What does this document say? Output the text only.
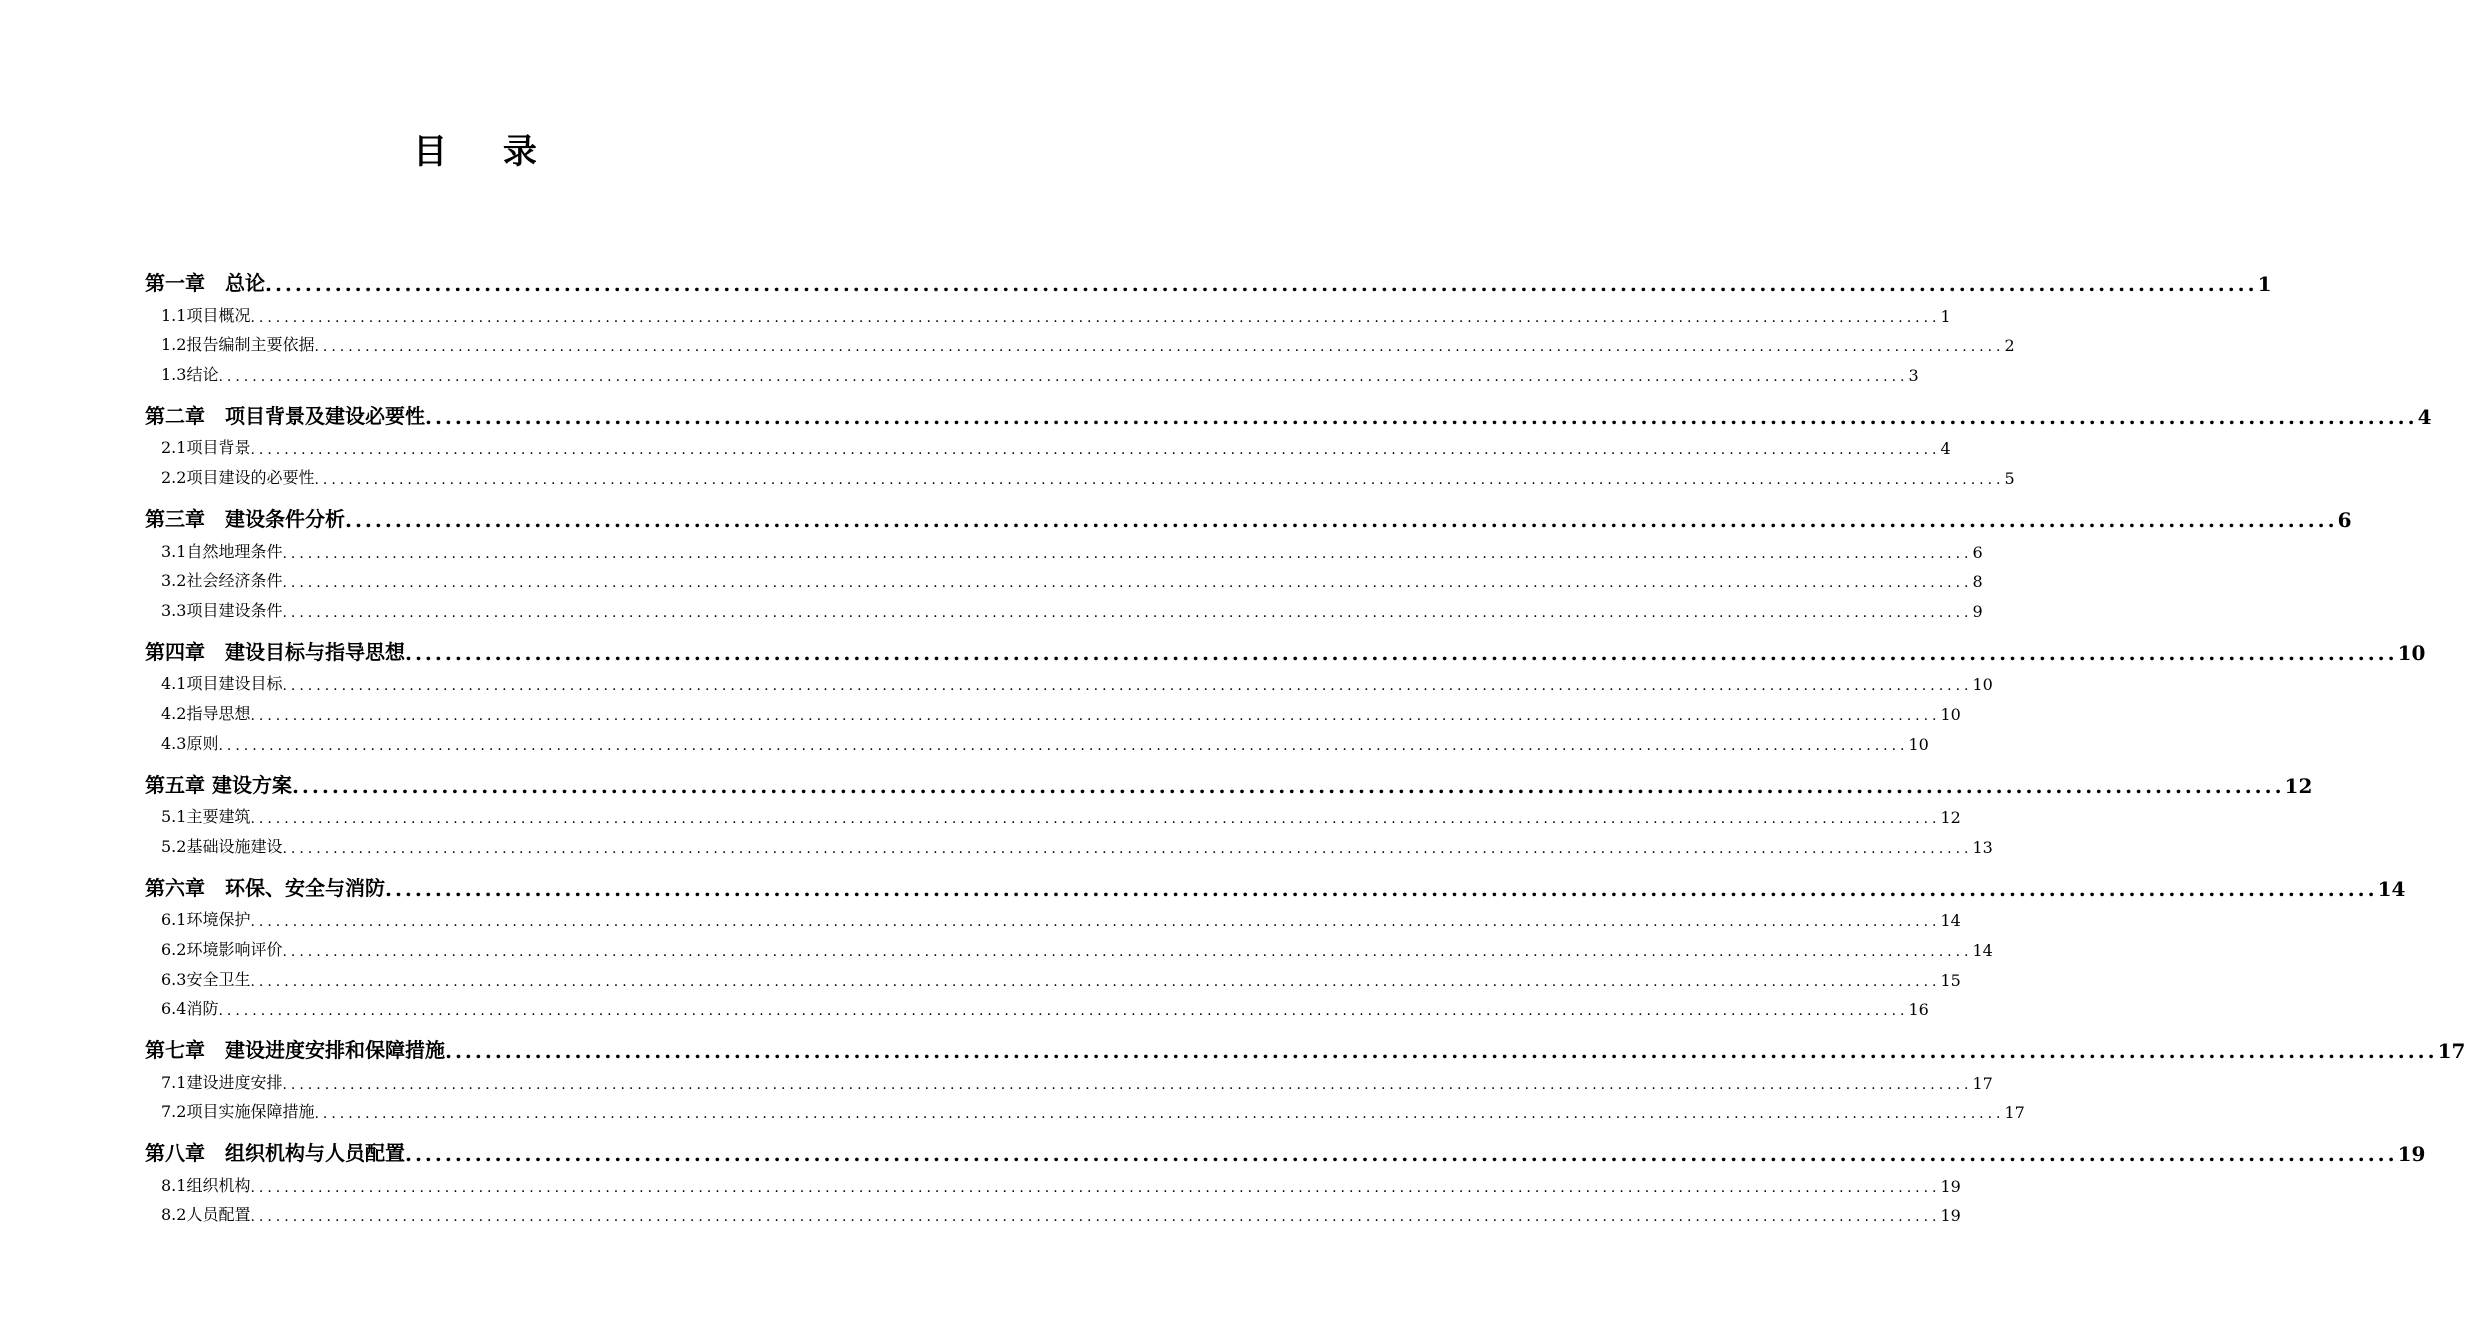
目 录
第一章　总论 ........................................................................................................................................................................................................ 1
1.1项目概况 ........................................................................................................................................................................................................ 1
1.2报告编制主要依据 ........................................................................................................................................................................................................ 2
1.3结论 ........................................................................................................................................................................................................ 3
第二章　项目背景及建设必要性 ........................................................................................................................................................................................................ 4
2.1项目背景 ........................................................................................................................................................................................................ 4
2.2项目建设的必要性 ........................................................................................................................................................................................................ 5
第三章　建设条件分析 ........................................................................................................................................................................................................ 6
3.1自然地理条件 ........................................................................................................................................................................................................ 6
3.2社会经济条件 ........................................................................................................................................................................................................ 8
3.3项目建设条件 ........................................................................................................................................................................................................ 9
第四章　建设目标与指导思想 ........................................................................................................................................................................................................ 10
4.1项目建设目标 ........................................................................................................................................................................................................ 10
4.2指导思想 ........................................................................................................................................................................................................ 10
4.3原则 ........................................................................................................................................................................................................ 10
第五章 建设方案 ........................................................................................................................................................................................................ 12
5.1主要建筑 ........................................................................................................................................................................................................ 12
5.2基础设施建设 ........................................................................................................................................................................................................ 13
第六章　环保、安全与消防 ........................................................................................................................................................................................................ 14
6.1环境保护 ........................................................................................................................................................................................................ 14
6.2环境影响评价 ........................................................................................................................................................................................................ 14
6.3安全卫生 ........................................................................................................................................................................................................ 15
6.4消防 ........................................................................................................................................................................................................ 16
第七章　建设进度安排和保障措施 ........................................................................................................................................................................................................ 17
7.1建设进度安排 ........................................................................................................................................................................................................ 17
7.2项目实施保障措施 ........................................................................................................................................................................................................ 17
第八章　组织机构与人员配置 ........................................................................................................................................................................................................ 19
8.1组织机构 ........................................................................................................................................................................................................ 19
8.2人员配置 ........................................................................................................................................................................................................ 19
